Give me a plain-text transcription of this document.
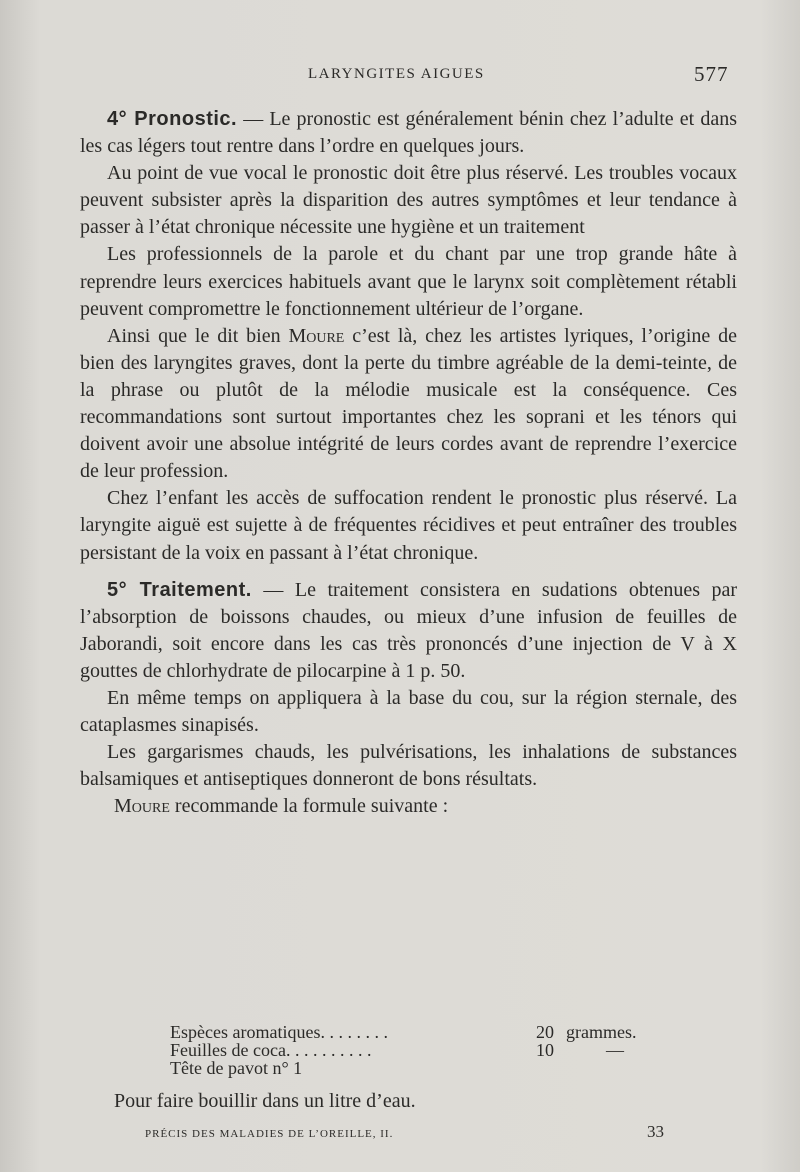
LARYNGITES AIGUES	577

4° Pronostic. — Le pronostic est généralement bénin chez l’adulte et dans les cas légers tout rentre dans l’ordre en quelques jours.

Au point de vue vocal le pronostic doit être plus réservé. Les troubles vocaux peuvent subsister après la disparition des autres symptômes et leur tendance à passer à l’état chronique nécessite une hygiène et un traitement

Les professionnels de la parole et du chant par une trop grande hâte à reprendre leurs exercices habituels avant que le larynx soit complètement rétabli peuvent compromettre le fonctionnement ultérieur de l’organe.

Ainsi que le dit bien Moure c’est là, chez les artistes lyriques, l’origine de bien des laryngites graves, dont la perte du timbre agréable de la demi-teinte, de la phrase ou plutôt de la mélodie musicale est la conséquence. Ces recommandations sont surtout importantes chez les soprani et les ténors qui doivent avoir une absolue intégrité de leurs cordes avant de reprendre l’exercice de leur profession.

Chez l’enfant les accès de suffocation rendent le pronostic plus réservé. La laryngite aiguë est sujette à de fréquentes récidives et peut entraîner des troubles persistant de la voix en passant à l’état chronique.

5° Traitement. — Le traitement consistera en sudations obtenues par l’absorption de boissons chaudes, ou mieux d’une infusion de feuilles de Jaborandi, soit encore dans les cas très prononcés d’une injection de V à X gouttes de chlorhydrate de pilocarpine à 1 p. 50.

En même temps on appliquera à la base du cou, sur la région sternale, des cataplasmes sinapisés.

Les gargarismes chauds, les pulvérisations, les inhalations de substances balsamiques et antiseptiques donneront de bons résultats.

Moure recommande la formule suivante :

Espèces aromatiques. . . . . . . .	20 grammes.
Feuilles de coca. . . . . . . . . .	10	—
Tête de pavot n° 1
Pour faire bouillir dans un litre d’eau.
PRÉCIS DES MALADIES DE L’OREILLE, II.	33
